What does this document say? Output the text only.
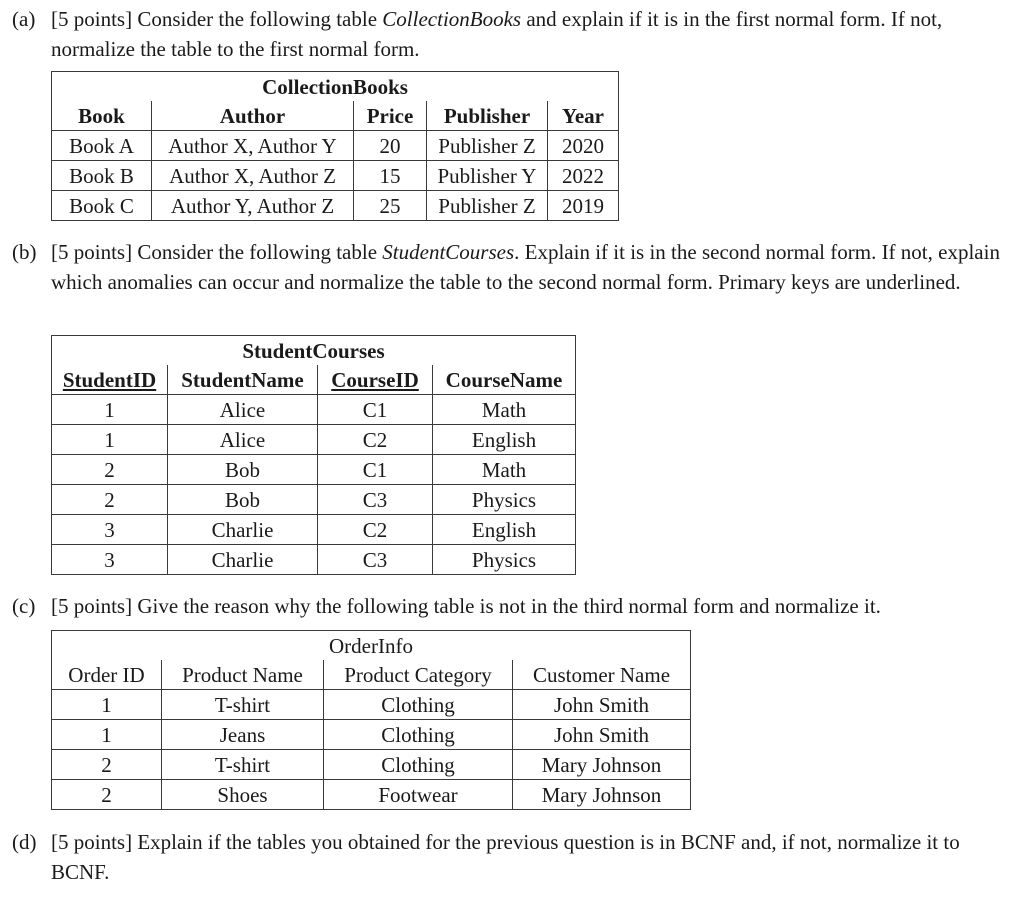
(a) [5 points] Consider the following table CollectionBooks and explain if it is in the first normal form. If not, normalize the table to the first normal form.
CollectionBooks				
Book	Author	Price	Publisher	Year
Book A	Author X, Author Y	20	Publisher Z	2020
Book B	Author X, Author Z	15	Publisher Y	2022
Book C	Author Y, Author Z	25	Publisher Z	2019
(b) [5 points] Consider the following table StudentCourses. Explain if it is in the second normal form. If not, explain which anomalies can occur and normalize the table to the second normal form. Primary keys are underlined.
StudentCourses			
StudentID	StudentName	CourseID	CourseName
1	Alice	C1	Math
1	Alice	C2	English
2	Bob	C1	Math
2	Bob	C3	Physics
3	Charlie	C2	English
3	Charlie	C3	Physics
(c) [5 points] Give the reason why the following table is not in the third normal form and normalize it.
OrderInfo			
Order ID	Product Name	Product Category	Customer Name
1	T-shirt	Clothing	John Smith
1	Jeans	Clothing	John Smith
2	T-shirt	Clothing	Mary Johnson
2	Shoes	Footwear	Mary Johnson
(d) [5 points] Explain if the tables you obtained for the previous question is in BCNF and, if not, normalize it to BCNF.
